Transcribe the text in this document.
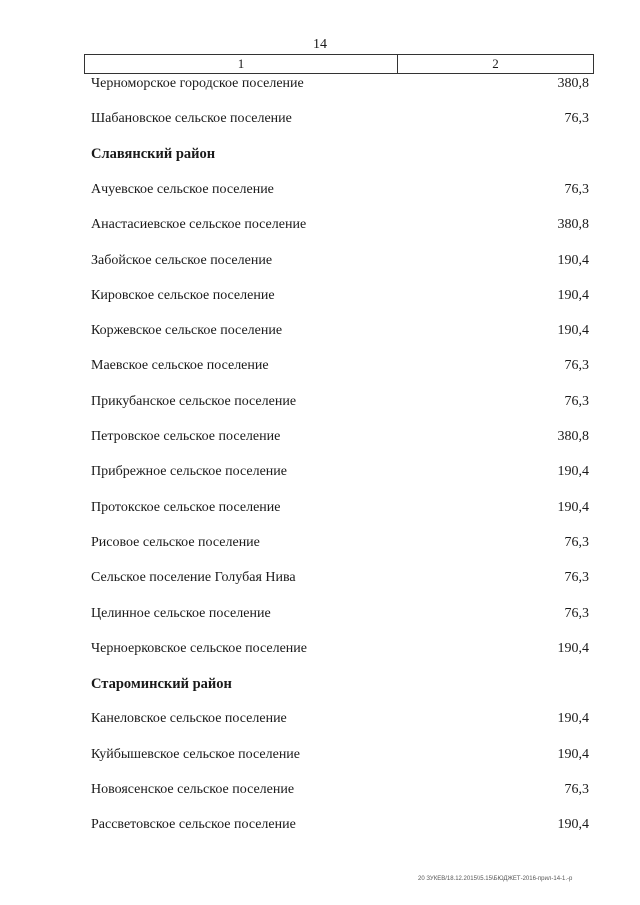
14
1	2
Черноморское городское поселение	380,8
Шабановское сельское поселение	76,3
Славянский район
Ачуевское сельское поселение	76,3
Анастасиевское сельское поселение	380,8
Забойское сельское поселение	190,4
Кировское сельское поселение	190,4
Коржевское сельское поселение	190,4
Маевское сельское поселение	76,3
Прикубанское сельское поселение	76,3
Петровское сельское поселение	380,8
Прибрежное сельское поселение	190,4
Протокское сельское поселение	190,4
Рисовое сельское поселение	76,3
Сельское поселение Голубая Нива	76,3
Целинное сельское поселение	76,3
Черноерковское сельское поселение	190,4
Староминский район
Канеловское сельское поселение	190,4
Куйбышевское сельское поселение	190,4
Новоясенское сельское поселение	76,3
Рассветовское сельское поселение	190,4
20 ЗУКЕВ/18.12.2015\\5.15\БЮДЖЕТ-2016-прил-14-1.-р
